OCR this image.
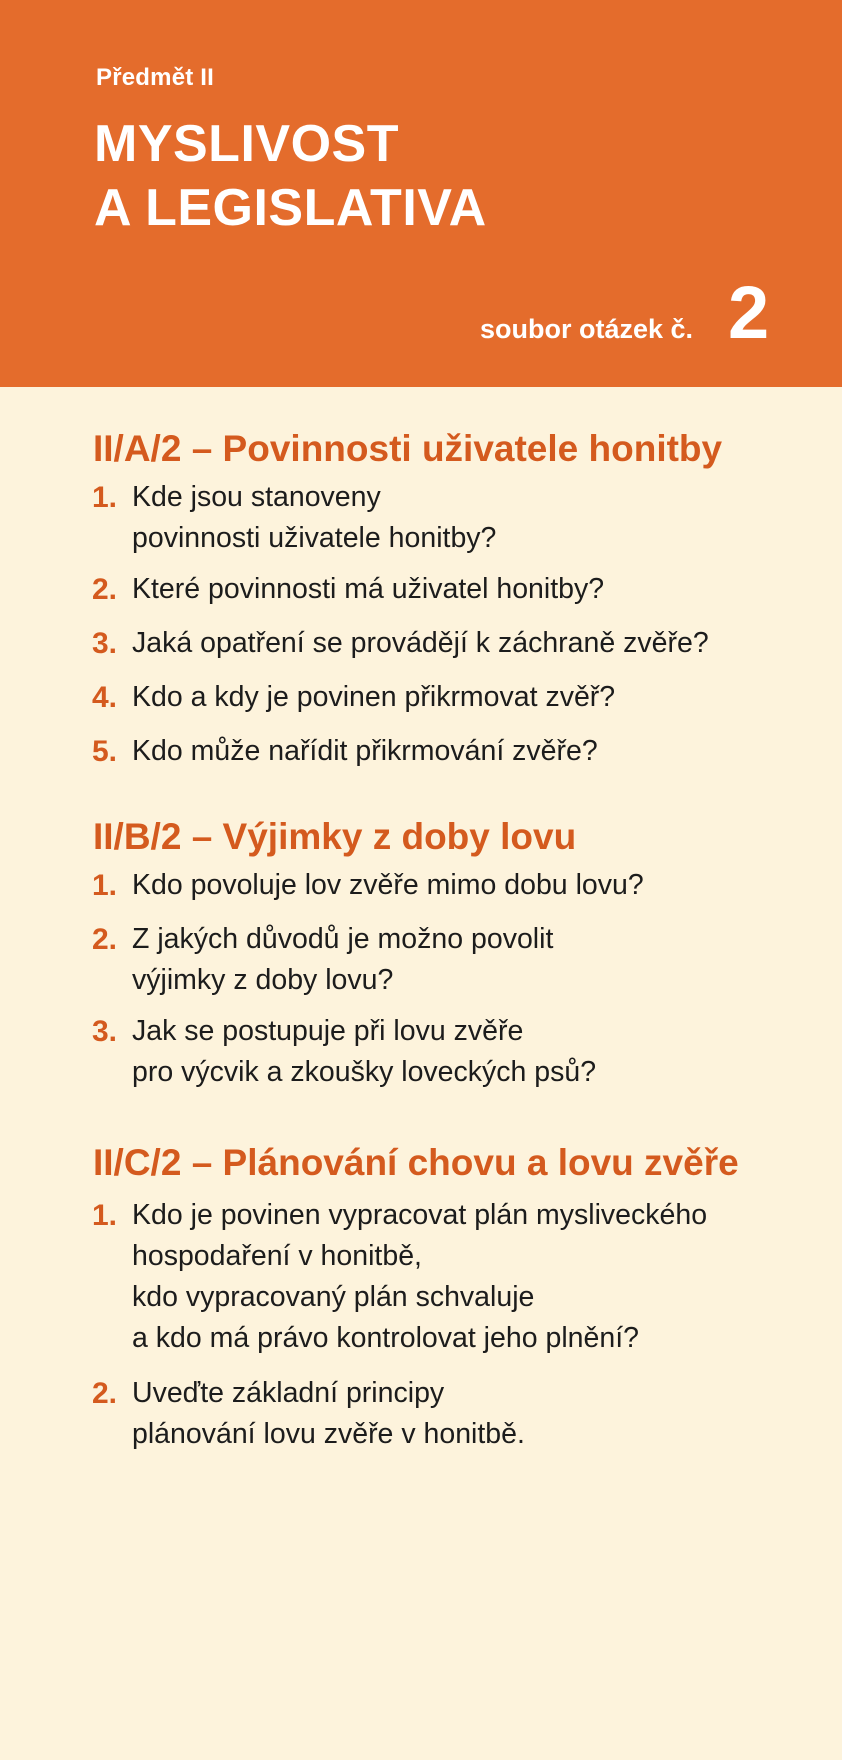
Předmět II
MYSLIVOST
A LEGISLATIVA
soubor otázek č. 2
II/A/2 – Povinnosti uživatele honitby
1. Kde jsou stanoveny
povinnosti uživatele honitby?
2. Které povinnosti má uživatel honitby?
3. Jaká opatření se provádějí k záchraně zvěře?
4. Kdo a kdy je povinen přikrmovat zvěř?
5. Kdo může nařídit přikrmování zvěře?
II/B/2 – Výjimky z doby lovu
1. Kdo povoluje lov zvěře mimo dobu lovu?
2. Z jakých důvodů je možno povolit
výjimky z doby lovu?
3. Jak se postupuje při lovu zvěře
pro výcvik a zkoušky loveckých psů?
II/C/2 – Plánování chovu a lovu zvěře
1. Kdo je povinen vypracovat plán mysliveckého
hospodaření v honitbě,
kdo vypracovaný plán schvaluje
a kdo má právo kontrolovat jeho plnění?
2. Uveďte základní principy
plánování lovu zvěře v honitbě.
